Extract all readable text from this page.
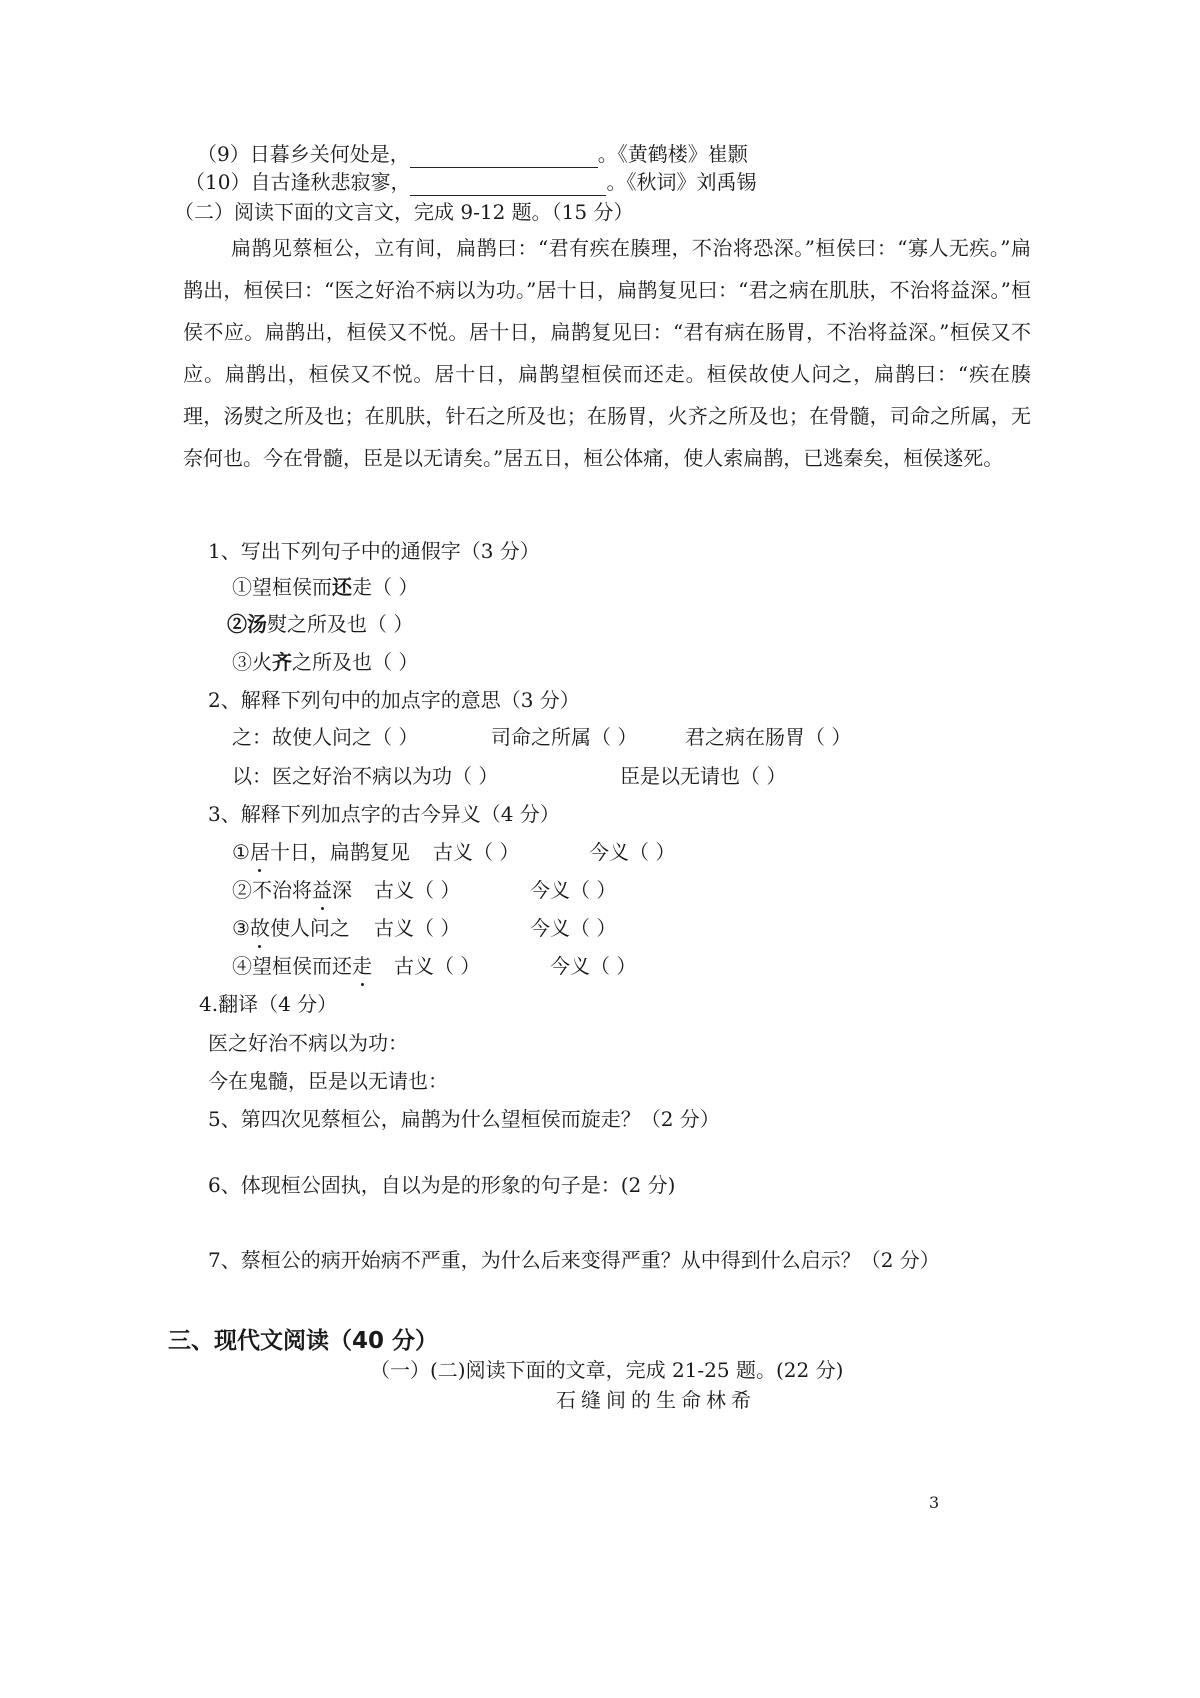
（9）日暮乡关何处是，	。《黄鹤楼》崔颢
（10）自古逢秋悲寂寥，	。《秋词》刘禹锡
（二）阅读下面的文言文，完成 9-12 题。（15 分）
扁鹊见蔡桓公，立有间，扁鹊曰：“君有疾在腠理，不治将恐深。”桓侯曰：“寡人无疾。”扁鹊出，桓侯曰：“医之好治不病以为功。”居十日，扁鹊复见曰：“君之病在肌肤，不治将益深。”桓侯不应。扁鹊出，桓侯又不悦。居十日，扁鹊复见曰：“君有病在肠胃，不治将益深。”桓侯又不应。扁鹊出，桓侯又不悦。居十日，扁鹊望桓侯而还走。桓侯故使人问之，扁鹊曰：“疾在腠理，汤熨之所及也；在肌肤，针石之所及也；在肠胃，火齐之所及也；在骨髓，司命之所属，无奈何也。今在骨髓，臣是以无请矣。”居五日，桓公体痛，使人索扁鹊，已逃秦矣，桓侯遂死。
1、写出下列句子中的通假字（3 分）
①望桓侯而还走（ ）
②汤熨之所及也（ ）
③火齐之所及也（ ）
2、解释下列句中的加点字的意思（3 分）
之：故使人问之（ ）	司命之所属（ ） 君之病在肠胃（ ）
以：医之好治不病以为功（ ）	臣是以无请也（ ）
3、解释下列加点字的古今异义（4 分）
①居十日，扁鹊复见 古义（ ）	今义（ ）
②不治将益深 古义（ ）	今义（ ）
③故使人问之 古义（ ）	今义（ ）
④望桓侯而还走 古义（ ）	今义（ ）
4.翻译（4 分）
医之好治不病以为功：
今在鬼髓，臣是以无请也：
5、第四次见蔡桓公，扁鹊为什么望桓侯而旋走？（2 分）
6、体现桓公固执，自以为是的形象的句子是：(2 分)
7、蔡桓公的病开始病不严重，为什么后来变得严重？从中得到什么启示？（2 分）
三、现代文阅读（40 分）
（一）(二)阅读下面的文章，完成 21-25 题。(22 分)
石缝间的生命林希
3
